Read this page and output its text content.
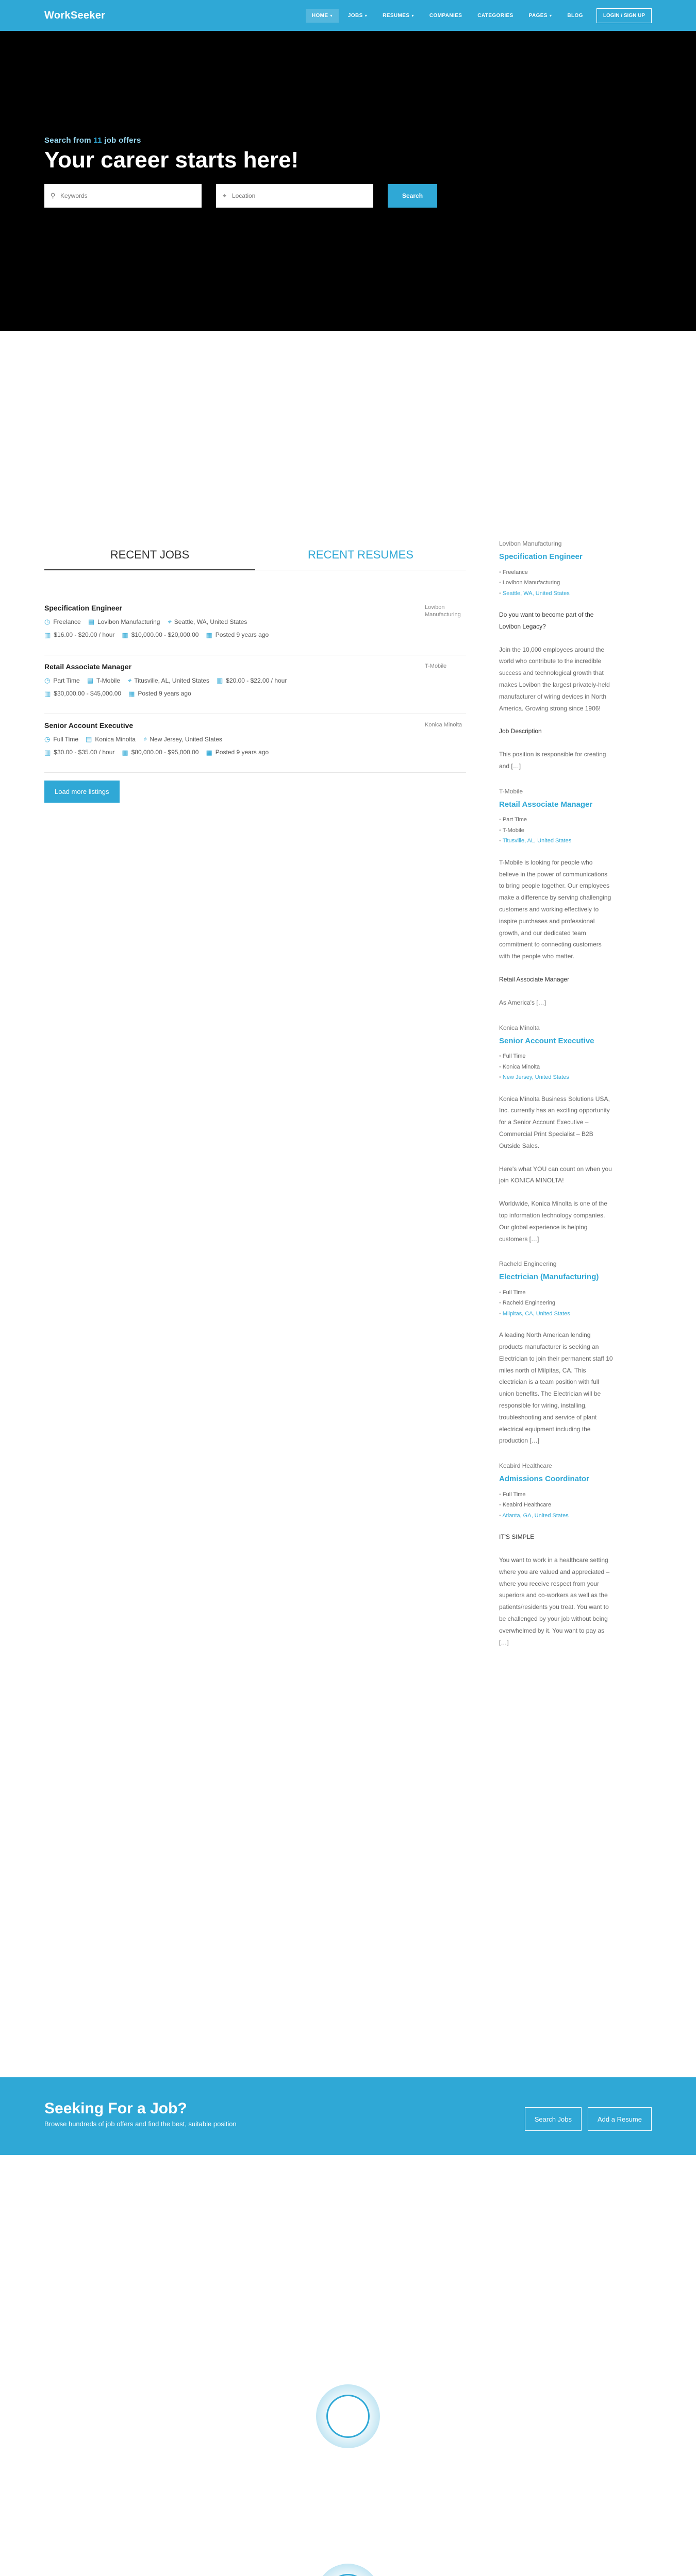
WorkSeeker	HOME ▾	JOBS ▾	RESUMES ▾	COMPANIES	CATEGORIES	PAGES ▾	BLOG	LOGIN / SIGN UP
Search from 11 job offers
Your career starts here!
⚲
Keywords	⌖
Location	Search
RECENT JOBS	RECENT RESUMES
Specification Engineer
◷ Freelance ▤ Lovibon Manufacturing ⌖ Seattle, WA, United States
▥ $16.00 - $20.00 / hour ▥ $10,000.00 - $20,000.00 ▦ Posted 9 years ago
Lovibon Manufacturing
Retail Associate Manager
◷ Part Time ▤ T-Mobile ⌖ Titusville, AL, United States ▥ $20.00 - $22.00 / hour
▥ $30,000.00 - $45,000.00 ▦ Posted 9 years ago
T-Mobile
Senior Account Executive
◷ Full Time ▤ Konica Minolta ⌖ New Jersey, United States
▥ $30.00 - $35.00 / hour ▥ $80,000.00 - $95,000.00 ▦ Posted 9 years ago
Konica Minolta
Load more listings
Lovibon Manufacturing
Specification Engineer
• Freelance
• Lovibon Manufacturing
• Seattle, WA, United States

Do you want to become part of the Lovibon Legacy?

Join the 10,000 employees around the world who contribute to the incredible success and technological growth that makes Lovibon the largest privately-held manufacturer of wiring devices in North America. Growing strong since 1906!

Job Description

This position is responsible for creating and […]

T-Mobile
Retail Associate Manager
• Part Time
• T-Mobile
• Titusville, AL, United States

T-Mobile is looking for people who believe in the power of communications to bring people together. Our employees make a difference by serving challenging customers and working effectively to inspire purchases and professional growth, and our dedicated team commitment to connecting customers with the people who matter.

Retail Associate Manager

As America's […]

Konica Minolta
Senior Account Executive
• Full Time
• Konica Minolta
• New Jersey, United States

Konica Minolta Business Solutions USA, Inc. currently has an exciting opportunity for a Senior Account Executive – Commercial Print Specialist – B2B Outside Sales.

Here's what YOU can count on when you join KONICA MINOLTA!

Worldwide, Konica Minolta is one of the top information technology companies. Our global experience is helping customers […]

Racheld Engineering
Electrician (Manufacturing)
• Full Time
• Racheld Engineering
• Milpitas, CA, United States

A leading North American lending products manufacturer is seeking an Electrician to join their permanent staff 10 miles north of Milpitas, CA. This electrician is a team position with full union benefits. The Electrician will be responsible for wiring, installing, troubleshooting and service of plant electrical equipment including the production […]

Keabird Healthcare
Admissions Coordinator
• Full Time
• Keabird Healthcare
• Atlanta, GA, United States

IT'S SIMPLE

You want to work in a healthcare setting where you are valued and appreciated – where you receive respect from your superiors and co-workers as well as the patients/residents you treat. You want to be challenged by your job without being overwhelmed by it. You want to pay as […]

Seeking For a Job?
Browse hundreds of job offers and find the best, suitable position
Search Jobs	Add a Resume
